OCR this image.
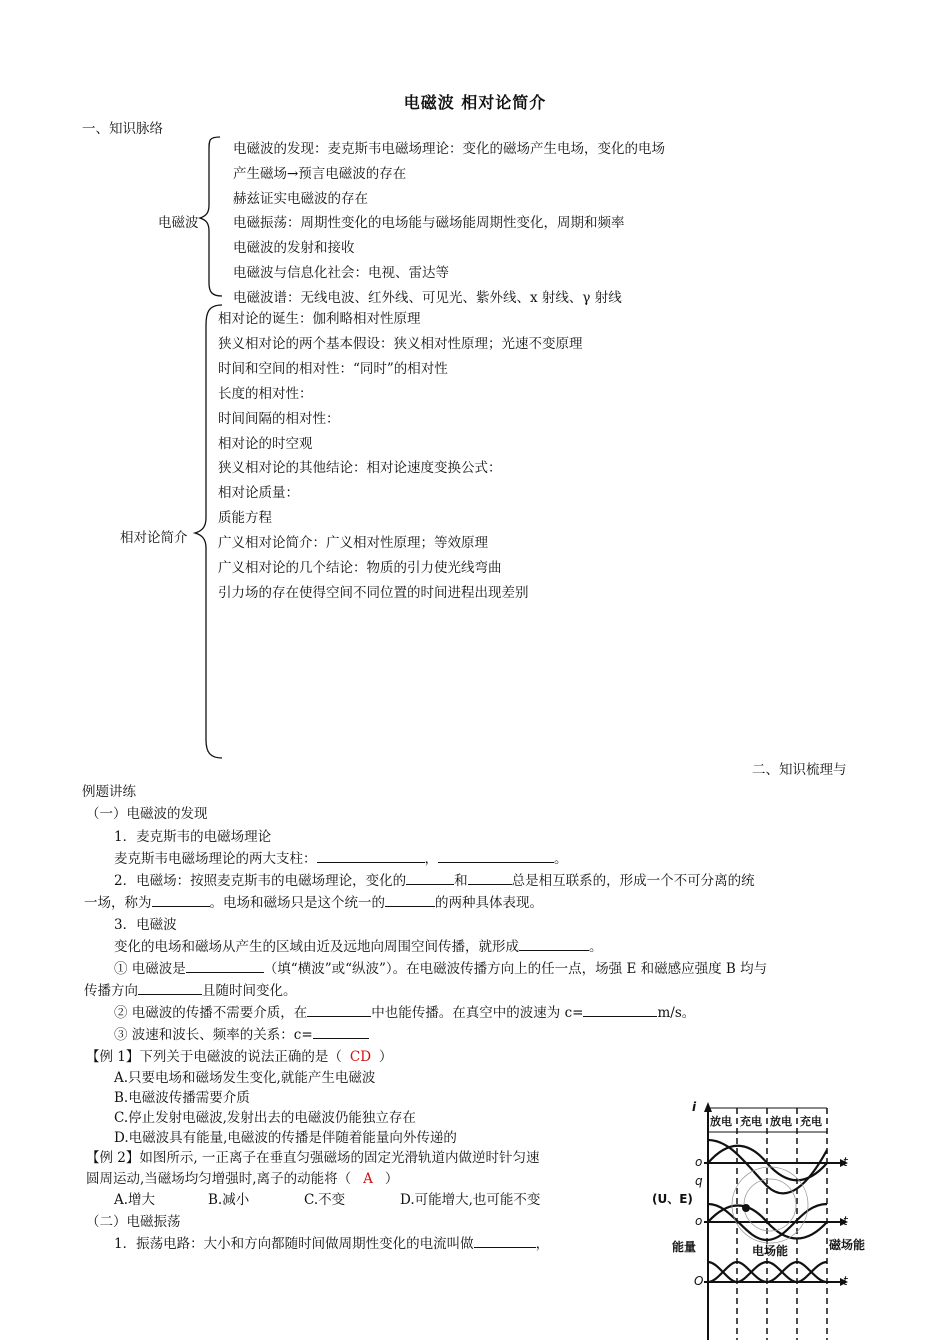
电磁波 相对论简介
一、知识脉络
电磁波
电磁波的发现：麦克斯韦电磁场理论：变化的磁场产生电场，变化的电场
产生磁场→预言电磁波的存在
赫兹证实电磁波的存在
电磁振荡：周期性变化的电场能与磁场能周期性变化，周期和频率
电磁波的发射和接收
电磁波与信息化社会：电视、雷达等
电磁波谱：无线电波、红外线、可见光、紫外线、x 射线、γ 射线
相对论简介
相对论的诞生：伽利略相对性原理
狭义相对论的两个基本假设：狭义相对性原理；光速不变原理
时间和空间的相对性：“同时”的相对性
长度的相对性：
时间间隔的相对性：
相对论的时空观
狭义相对论的其他结论：相对论速度变换公式：
相对论质量：
质能方程
广义相对论简介：广义相对性原理；等效原理
广义相对论的几个结论：物质的引力使光线弯曲
引力场的存在使得空间不同位置的时间进程出现差别
二、知识梳理与
例题讲练
（一）电磁波的发现
1．麦克斯韦的电磁场理论
麦克斯韦电磁场理论的两大支柱：	，	。
2．电磁场：按照麦克斯韦的电磁场理论，变化的	和	总是相互联系的，形成一个不可分离的统
一场，称为	。电场和磁场只是这个统一的	的两种具体表现。
3．电磁波
变化的电场和磁场从产生的区域由近及远地向周围空间传播，就形成	。
① 电磁波是	（填“横波”或“纵波”）。在电磁波传播方向上的任一点，场强 E 和磁感应强度 B 均与
传播方向	且随时间变化。
② 电磁波的传播不需要介质，在	中也能传播。在真空中的波速为 c=	m/s。
③ 波速和波长、频率的关系：c=
【例 1】下列关于电磁波的说法正确的是（ CD ）
A.只要电场和磁场发生变化,就能产生电磁波
B.电磁波传播需要介质
C.停止发射电磁波,发射出去的电磁波仍能独立存在
D.电磁波具有能量,电磁波的传播是伴随着能量向外传递的
【例 2】如图所示, 一正离子在垂直匀强磁场的固定光滑轨道内做逆时针匀速
圆周运动,当磁场均匀增强时,离子的动能将（ A ）
A.增大	B.减小	C.不变	D.可能增大,也可能不变
（二）电磁振荡
1．振荡电路：大小和方向都随时间做周期性变化的电流叫做	，
i
o
q
(U、E)
o
能量
O
t
t
t
放电 充电 放电 充电
电场能	磁场能
